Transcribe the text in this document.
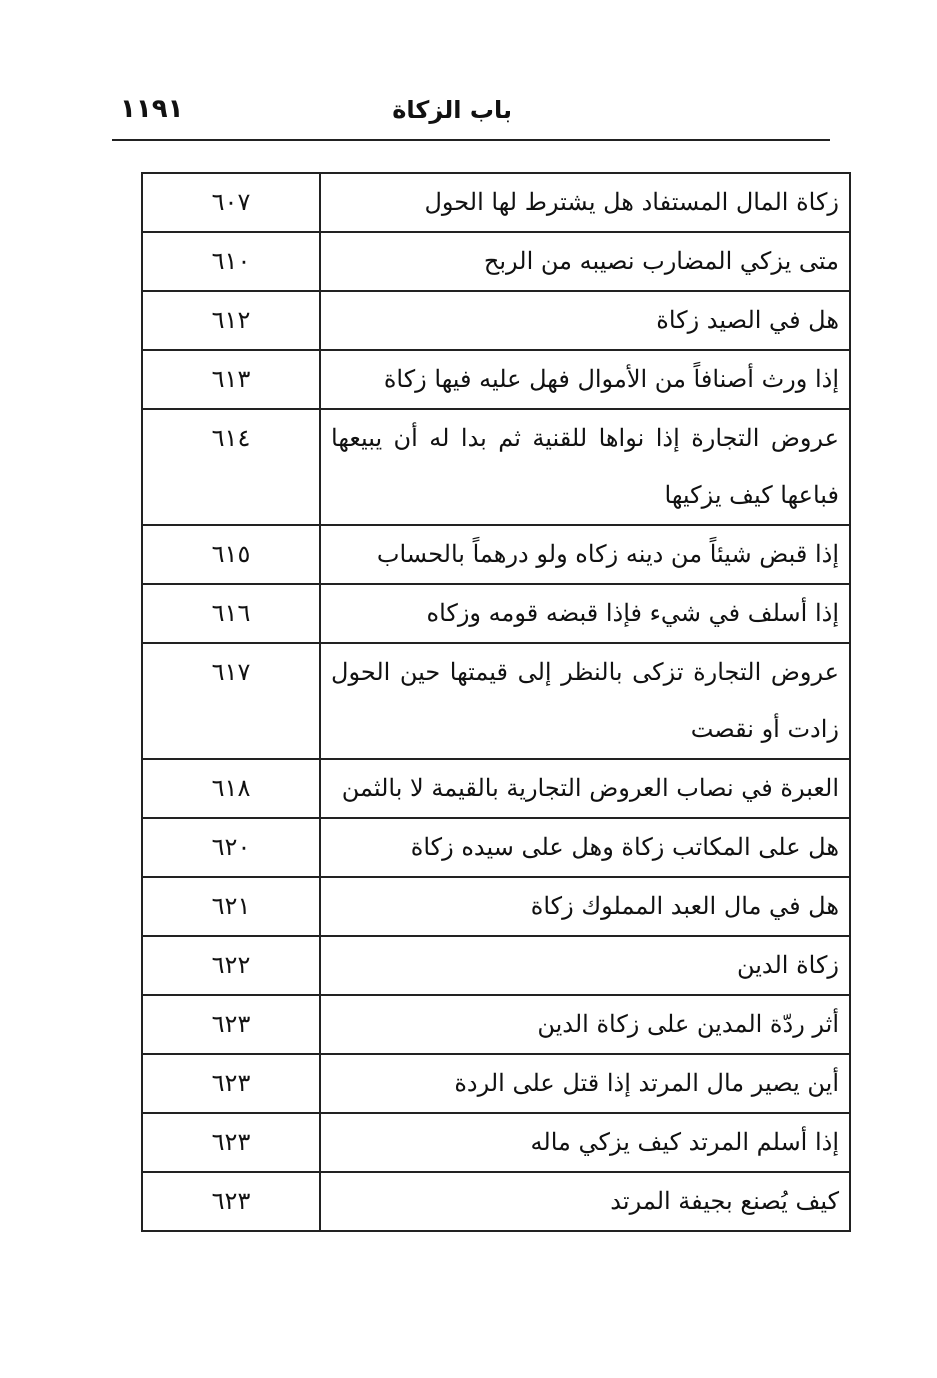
باب الزكاة
١١٩١
زكاة المال المستفاد هل يشترط لها الحول	٦٠٧
متى يزكي المضارب نصيبه من الربح	٦١٠
هل في الصيد زكاة	٦١٢
إذا ورث أصنافاً من الأموال فهل عليه فيها زكاة	٦١٣
عروض التجارة إذا نواها للقنية ثم بدا له أن يبيعها فباعها كيف يزكيها	٦١٤
إذا قبض شيئاً من دينه زكاه ولو درهماً بالحساب	٦١٥
إذا أسلف في شيء فإذا قبضه قومه وزكاه	٦١٦
عروض التجارة تزكى بالنظر إلى قيمتها حين الحول زادت أو نقصت	٦١٧
العبرة في نصاب العروض التجارية بالقيمة لا بالثمن	٦١٨
هل على المكاتب زكاة وهل على سيده زكاة	٦٢٠
هل في مال العبد المملوك زكاة	٦٢١
زكاة الدين	٦٢٢
أثر ردّة المدين على زكاة الدين	٦٢٣
أين يصير مال المرتد إذا قتل على الردة	٦٢٣
إذا أسلم المرتد كيف يزكي ماله	٦٢٣
كيف يُصنع بجيفة المرتد	٦٢٣
